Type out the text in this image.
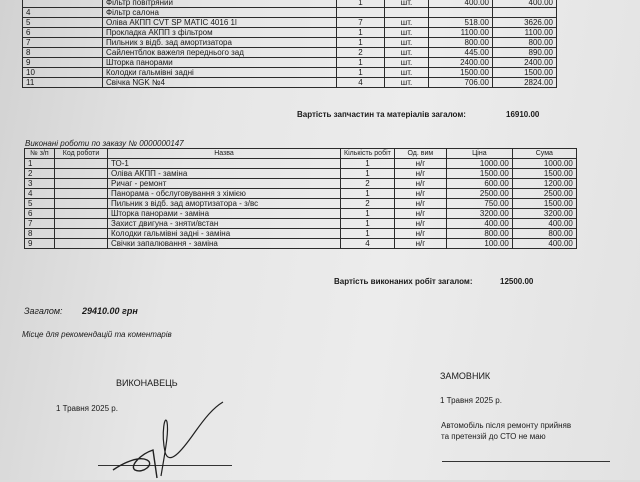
	Фільтр повітряний	1	шт.	400.00	400.00
4	Фільтр салона				
5	Оліва АКПП CVT SP MATIC 4016 1l	7	шт.	518.00	3626.00
6	Прокладка АКПП з фільтром	1	шт.	1100.00	1100.00
7	Пильник з відб. зад амортизатора	1	шт.	800.00	800.00
8	Сайлентблок важеля переднього зад	2	шт.	445.00	890.00
9	Шторка панорами	1	шт.	2400.00	2400.00
10	Колодки гальмівні задні	1	шт.	1500.00	1500.00
11	Свічка NGK №4	4	шт.	706.00	2824.00
Вартість запчастин та матеріалів загалом:	16910.00
Виконані роботи по заказу № 0000000147
№ з/п	Код роботи	Назва	Кількість робіт	Од. вим	Ціна	Сума
1		ТО-1	1	н/г	1000.00	1000.00
2		Оліва АКПП - заміна	1	н/г	1500.00	1500.00
3		Ричаг - ремонт	2	н/г	600.00	1200.00
4		Панорама - обслуговування з хімією	1	н/г	2500.00	2500.00
5		Пильник з відб. зад амортизатора - з/вс	2	н/г	750.00	1500.00
6		Шторка панорами - заміна	1	н/г	3200.00	3200.00
7		Захист двигуна - зняти/встан	1	н/г	400.00	400.00
8		Колодки гальмівні задні - заміна	1	н/г	800.00	800.00
9		Свічки запалювання - заміна	4	н/г	100.00	400.00
Вартість виконаних робіт загалом:	12500.00
Загалом: 29410.00 грн
Місце для рекомендацій та коментарів
ВИКОНАВЕЦЬ
1 Травня 2025 р.
ЗАМОВНИК
1 Травня 2025 р.
Автомобіль після ремонту прийняв
та претензій до СТО не маю
